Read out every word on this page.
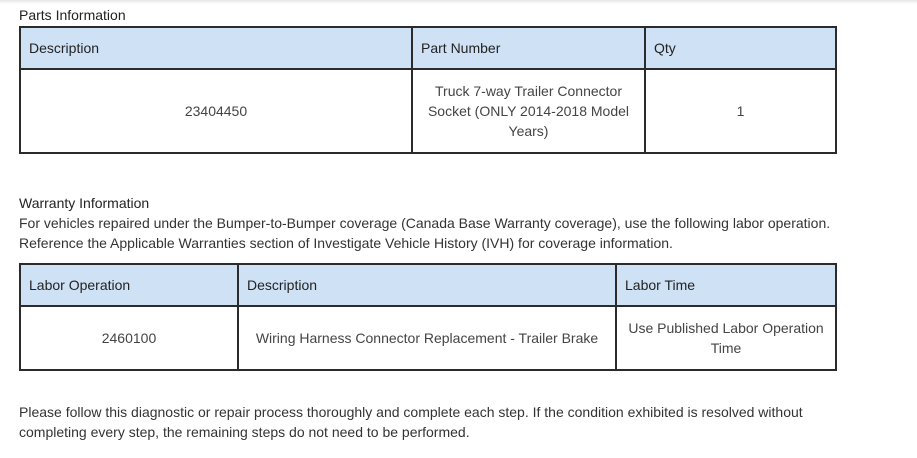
Parts Information
Description	Part Number	Qty
23404450	Truck 7-way Trailer Connector Socket (ONLY 2014-2018 Model Years)	1
Warranty Information
For vehicles repaired under the Bumper-to-Bumper coverage (Canada Base Warranty coverage), use the following labor operation.
Reference the Applicable Warranties section of Investigate Vehicle History (IVH) for coverage information.
Labor Operation	Description	Labor Time
2460100	Wiring Harness Connector Replacement - Trailer Brake	Use Published Labor Operation Time
Please follow this diagnostic or repair process thoroughly and complete each step. If the condition exhibited is resolved without completing every step, the remaining steps do not need to be performed.
